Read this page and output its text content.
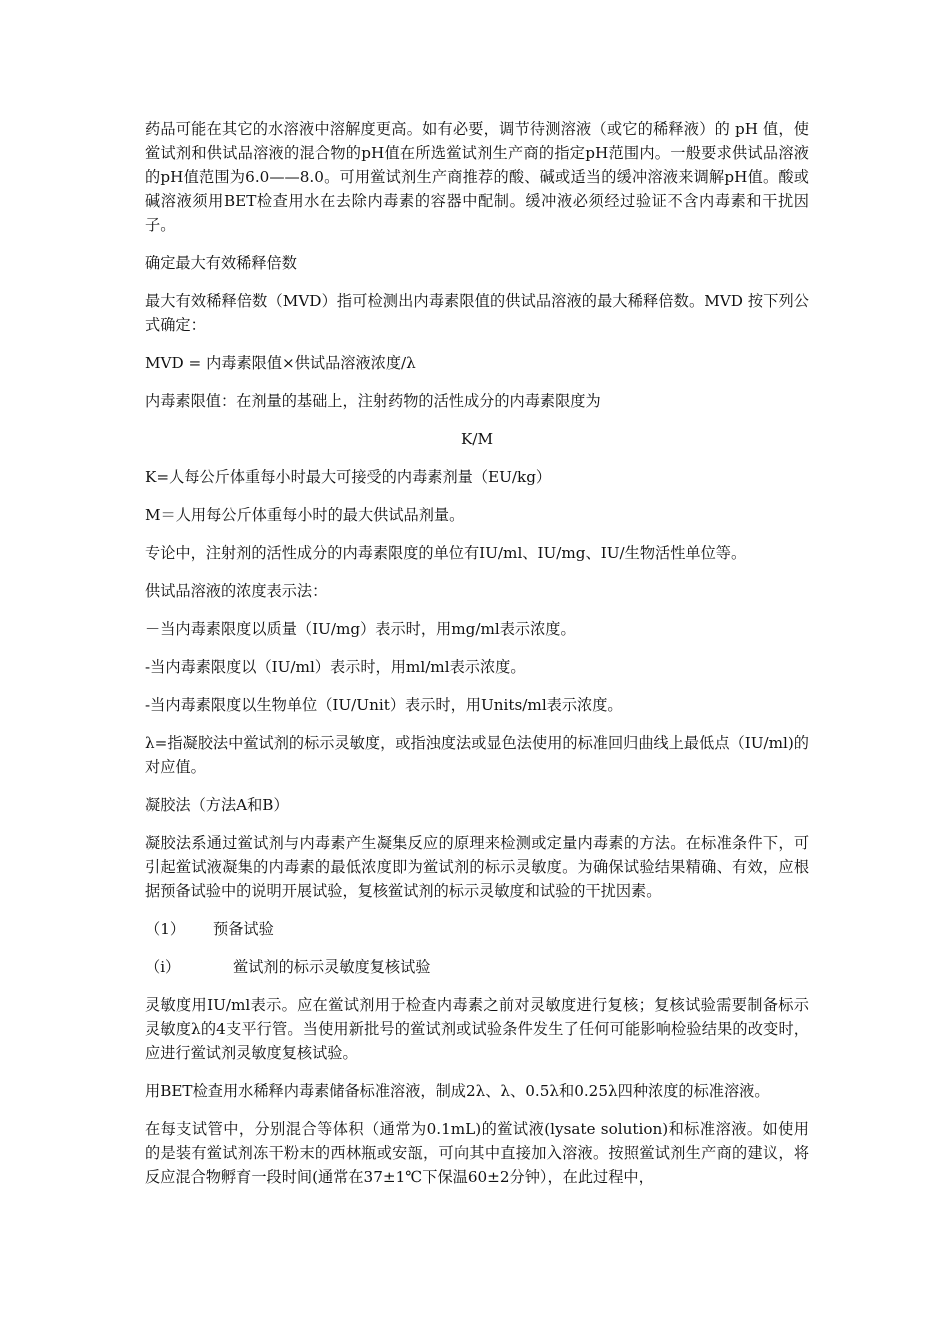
药品可能在其它的水溶液中溶解度更高。如有必要，调节待测溶液（或它的稀释液）的 pH 值，使鲎试剂和供试品溶液的混合物的pH值在所选鲎试剂生产商的指定pH范围内。一般要求供试品溶液的pH值范围为6.0——8.0。可用鲎试剂生产商推荐的酸、碱或适当的缓冲溶液来调解pH值。酸或碱溶液须用BET检查用水在去除内毒素的容器中配制。缓冲液必须经过验证不含内毒素和干扰因子。

确定最大有效稀释倍数

最大有效稀释倍数（MVD）指可检测出内毒素限值的供试品溶液的最大稀释倍数。MVD 按下列公式确定：

MVD = 内毒素限值×供试品溶液浓度/λ

内毒素限值：在剂量的基础上，注射药物的活性成分的内毒素限度为

K/M

K=人每公斤体重每小时最大可接受的内毒素剂量（EU/kg）

M＝人用每公斤体重每小时的最大供试品剂量。

专论中，注射剂的活性成分的内毒素限度的单位有IU/ml、IU/mg、IU/生物活性单位等。

供试品溶液的浓度表示法：

－当内毒素限度以质量（IU/mg）表示时，用mg/ml表示浓度。

-当内毒素限度以（IU/ml）表示时，用ml/ml表示浓度。

-当内毒素限度以生物单位（IU/Unit）表示时，用Units/ml表示浓度。

λ=指凝胶法中鲎试剂的标示灵敏度，或指浊度法或显色法使用的标准回归曲线上最低点（IU/ml)的对应值。

凝胶法（方法A和B）

凝胶法系通过鲎试剂与内毒素产生凝集反应的原理来检测或定量内毒素的方法。在标准条件下，可引起鲎试液凝集的内毒素的最低浓度即为鲎试剂的标示灵敏度。为确保试验结果精确、有效，应根据预备试验中的说明开展试验，复核鲎试剂的标示灵敏度和试验的干扰因素。

（1） 预备试验

（i）	鲎试剂的标示灵敏度复核试验

灵敏度用IU/ml表示。应在鲎试剂用于检查内毒素之前对灵敏度进行复核；复核试验需要制备标示灵敏度λ的4支平行管。当使用新批号的鲎试剂或试验条件发生了任何可能影响检验结果的改变时，应进行鲎试剂灵敏度复核试验。

用BET检查用水稀释内毒素储备标准溶液，制成2λ、λ、0.5λ和0.25λ四种浓度的标准溶液。

在每支试管中，分别混合等体积（通常为0.1mL)的鲎试液(lysate solution)和标准溶液。如使用的是装有鲎试剂冻干粉末的西林瓶或安瓿，可向其中直接加入溶液。按照鲎试剂生产商的建议，将反应混合物孵育一段时间(通常在37±1℃下保温60±2分钟），在此过程中，
